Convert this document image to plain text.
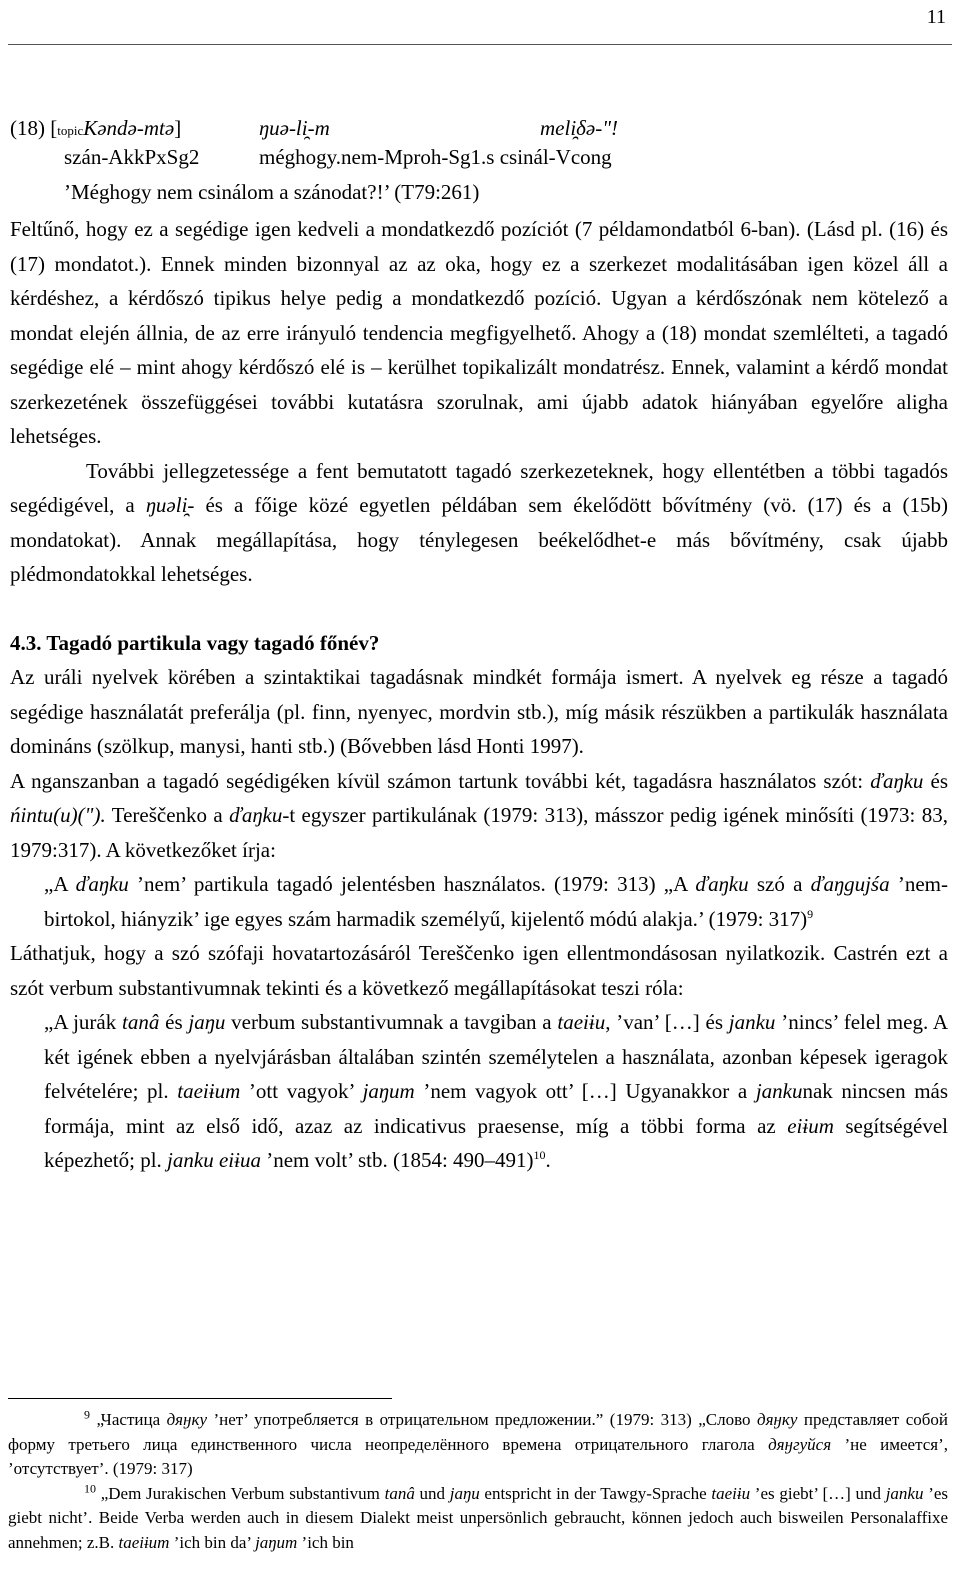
11
(18) [topicKəndə-mtə]	ŋuə-li̯-m	meli̯δə-"!
szán-AkkPxSg2	méghogy.nem-Mproh-Sg1.s csinál-Vcong
’Méghogy nem csinálom a szánodat?!’ (T79:261)

Feltűnő, hogy ez a segédige igen kedveli a mondatkezdő pozíciót (7 példamondatból 6-ban). (Lásd pl. (16) és (17) mondatot.). Ennek minden bizonnyal az az oka, hogy ez a szerkezet modalitásában igen közel áll a kérdéshez, a kérdőszó tipikus helye pedig a mondatkezdő pozíció. Ugyan a kérdőszónak nem kötelező a mondat elején állnia, de az erre irányuló tendencia megfigyelhető. Ahogy a (18) mondat szemlélteti, a tagadó segédige elé – mint ahogy kérdőszó elé is – kerülhet topikalizált mondatrész. Ennek, valamint a kérdő mondat szerkezetének összefüggései további kutatásra szorulnak, ami újabb adatok hiányában egyelőre aligha lehetséges.

További jellegzetessége a fent bemutatott tagadó szerkezeteknek, hogy ellentétben a többi tagadós segédigével, a ŋuəli̯- és a főige közé egyetlen példában sem ékelődött bővítmény (vö. (17) és a (15b) mondatokat). Annak megállapítása, hogy ténylegesen beékelődhet-e más bővítmény, csak újabb plédmondatokkal lehetséges.

4.3. Tagadó partikula vagy tagadó főnév?

Az uráli nyelvek körében a szintaktikai tagadásnak mindkét formája ismert. A nyelvek eg része a tagadó segédige használatát preferálja (pl. finn, nyenyec, mordvin stb.), míg másik részükben a partikulák használata domináns (szölkup, manysi, hanti stb.) (Bővebben lásd Honti 1997).

A nganszanban a tagadó segédigéken kívül számon tartunk további két, tagadásra használatos szót: ďaŋku és ńintu(u)("). Tereščenko a ďaŋku-t egyszer partikulának (1979: 313), másszor pedig igének minősíti (1973: 83, 1979:317). A következőket írja:

„A ďaŋku ’nem’ partikula tagadó jelentésben használatos. (1979: 313) „A ďaŋku szó a ďaŋgujśa ’nem-birtokol, hiányzik’ ige egyes szám harmadik személyű, kijelentő módú alakja.’ (1979: 317)$^9$

Láthatjuk, hogy a szó szófaji hovatartozásáról Tereščenko igen ellentmondásosan nyilatkozik. Castrén ezt a szót verbum substantivumnak tekinti és a következő megállapításokat teszi róla:

„A jurák tanâ és jaŋu verbum substantivumnak a tavgiban a taeiɨu, ’van’ […] és janku ’nincs’ felel meg. A két igének ebben a nyelvjárásban általában szintén személytelen a használata, azonban képesek igeragok felvételére; pl. taeiɨum ’ott vagyok’ jaŋum ’nem vagyok ott’ […] Ugyanakkor a jankunak nincsen más formája, mint az első idő, azaz az indicativus praesense, míg a többi forma az eiɨum segítségével képezhető; pl. janku eiɨua ’nem volt’ stb. (1854: 490–491)$^{10}$.

$^9$ „Частица дяӈку ’нет’ употребляется в отрицательном предложении.” (1979: 313) „Слово дяӈку представляет собой форму третьего лица единственного числа неопределённого времена отрицательного глагола дяӈгуйся ’не имеется’, ’отсутствует’. (1979: 317)

$^{10}$ „Dem Jurakischen Verbum substantivum tanâ und jaŋu entspricht in der Tawgy-Sprache taeiɨu ’es giebt’ […] und janku ’es giebt nicht’. Beide Verba werden auch in diesem Dialekt meist unpersönlich gebraucht, können jedoch auch bisweilen Personalaffixe annehmen; z.B. taeiɨum ’ich bin da’ jaŋum ’ich bin
